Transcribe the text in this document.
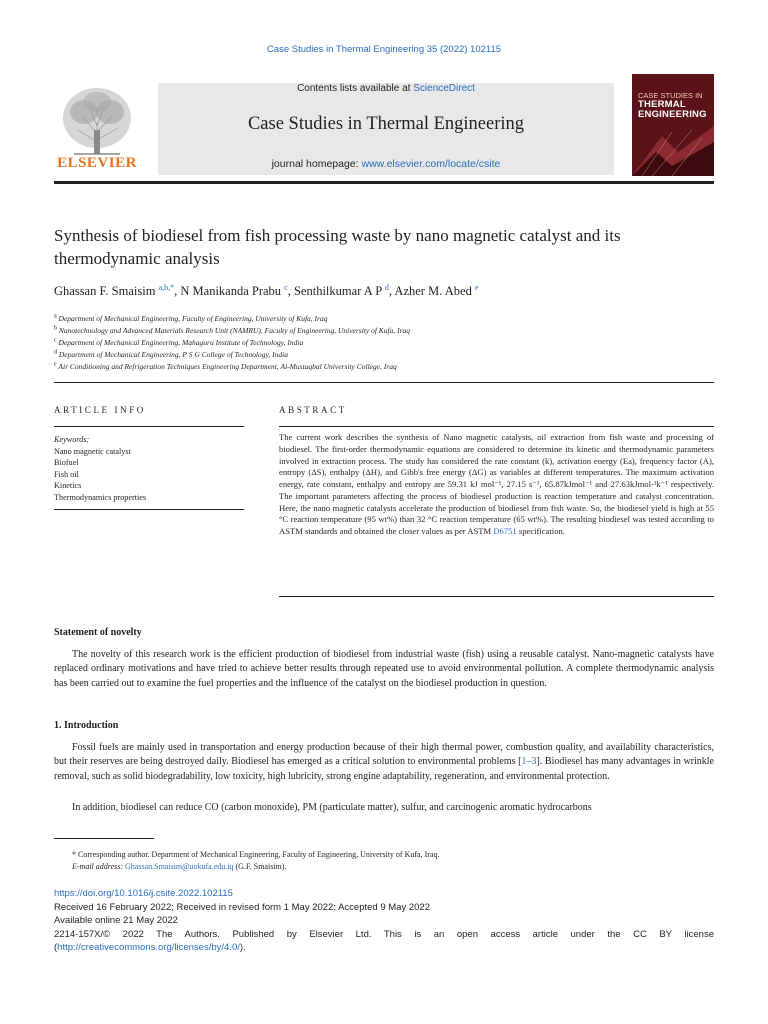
Case Studies in Thermal Engineering 35 (2022) 102115
ELSEVIER
Contents lists available at ScienceDirect
Case Studies in Thermal Engineering
journal homepage: www.elsevier.com/locate/csite
CASE STUDIES IN
THERMAL
ENGINEERING
Synthesis of biodiesel from fish processing waste by nano magnetic catalyst and its thermodynamic analysis
Ghassan F. Smaisim $^{a,b,*}$, N Manikanda Prabu $^c$, Senthilkumar A P $^d$, Azher M. Abed $^e$
$^a$ Department of Mechanical Engineering, Faculty of Engineering, University of Kufa, Iraq
$^b$ Nanotechnology and Advanced Materials Research Unit (NAMRU), Faculty of Engineering, University of Kufa, Iraq
$^c$ Department of Mechanical Engineering, Mahaguru Institute of Technology, India
$^d$ Department of Mechanical Engineering, P S G College of Technology, India
$^e$ Air Conditioning and Refrigeration Techniques Engineering Department, Al-Mustaqbal University College, Iraq
ARTICLE INFO
Keywords:
Nano magnetic catalyst
Biofuel
Fish oil
Kinetics
Thermodynamics properties
ABSTRACT
The current work describes the synthesis of Nano magnetic catalysts, oil extraction from fish waste and processing of biodiesel. The first-order thermodynamic equations are considered to determine its kinetic and thermodynamic parameters involved in extraction process. The study has considered the rate constant (k), activation energy (Ea), frequency factor (A), entropy (ΔS), enthalpy (ΔH), and Gibb's free energy (ΔG) as variables at different temperatures. The maximum activation energy, rate constant, enthalpy and entropy are 59.31 kJ mol⁻¹, 27.15 s⁻¹, 65.87kJmol⁻¹ and 27.63kJmol-¹k⁻¹ respectively. The important parameters affecting the process of biodiesel production is reaction temperature and catalyst concentration. Here, the nano magnetic catalysts accelerate the production of biodiesel from fish waste. So, the biodiesel yield is high at 55 °C reaction temperature (95 wt%) than 32 °C reaction temperature (65 wt%). The resulting biodiesel was tested according to ASTM standards and obtained the closer values as per ASTM D6751 specification.
Statement of novelty
The novelty of this research work is the efficient production of biodiesel from industrial waste (fish) using a reusable catalyst. Nano-magnetic catalysts have replaced ordinary motivations and have tried to achieve better results through repeated use to avoid environmental pollution. A complete thermodynamic analysis has been carried out to examine the fuel properties and the influence of the catalyst on the biodiesel production in question.
1. Introduction
Fossil fuels are mainly used in transportation and energy production because of their high thermal power, combustion quality, and availability characteristics, but their reserves are being destroyed daily. Biodiesel has emerged as a critical solution to environmental problems [1–3]. Biodiesel has many advantages in wrinkle removal, such as solid biodegradability, low toxicity, high lubricity, strong engine adaptability, regeneration, and environmental protection.
In addition, biodiesel can reduce CO (carbon monoxide), PM (particulate matter), sulfur, and carcinogenic aromatic hydrocarbons
* Corresponding author. Department of Mechanical Engineering, Faculty of Engineering, University of Kufa, Iraq.
E-mail address: Ghassan.Smaisim@uokufa.edu.iq (G.F. Smaisim).
https://doi.org/10.1016/j.csite.2022.102115
Received 16 February 2022; Received in revised form 1 May 2022; Accepted 9 May 2022
Available online 21 May 2022
2214-157X/© 2022 The Authors. Published by Elsevier Ltd. This is an open access article under the CC BY license
(http://creativecommons.org/licenses/by/4.0/).
